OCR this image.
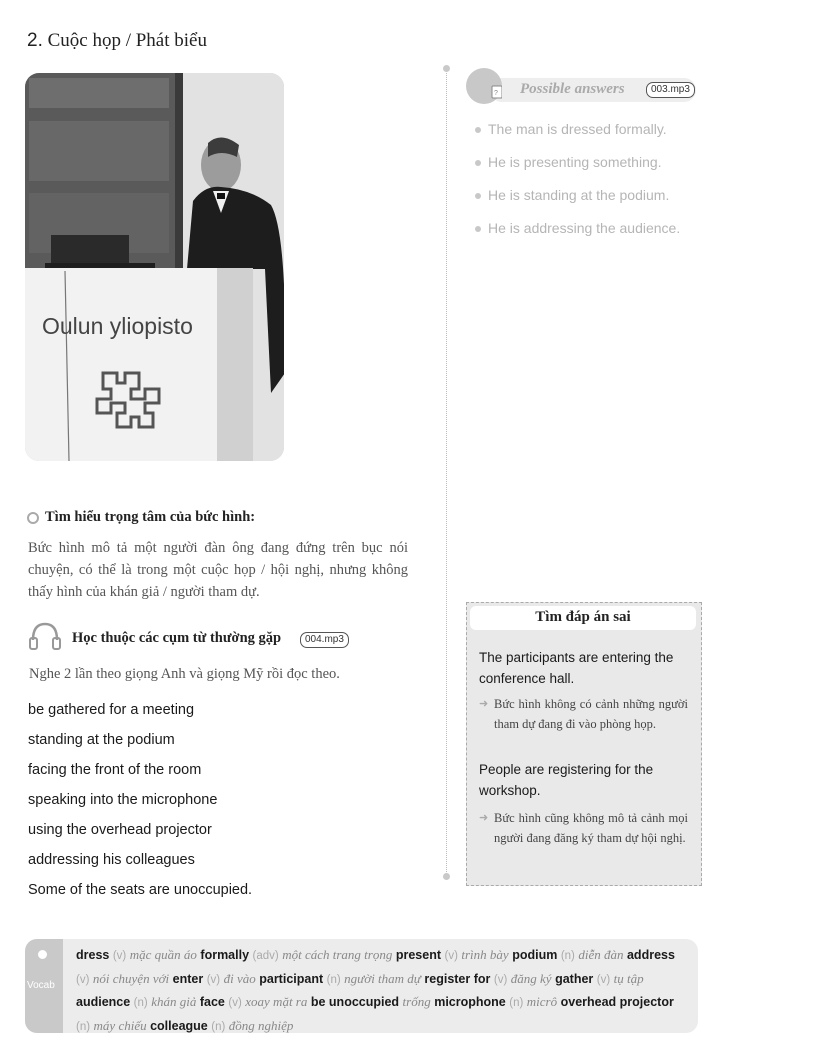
2. Cuộc họp / Phát biểu
Oulun yliopisto
? Possible answers	003.mp3
The man is dressed formally.
He is presenting something.
He is standing at the podium.
He is addressing the audience.
Tìm hiểu trọng tâm của bức hình:
Bức hình mô tả một người đàn ông đang đứng trên bục nói chuyện, có thể là trong một cuộc họp / hội nghị, nhưng không thấy hình của khán giả / người tham dự.
Học thuộc các cụm từ thường gặp	004.mp3
Nghe 2 lần theo giọng Anh và giọng Mỹ rồi đọc theo.
be gathered for a meeting
standing at the podium
facing the front of the room
speaking into the microphone
using the overhead projector
addressing his colleagues
Some of the seats are unoccupied.
Tìm đáp án sai
The participants are entering the conference hall.
➜ Bức hình không có cảnh những người tham dự đang đi vào phòng họp.
People are registering for the workshop.
➜ Bức hình cũng không mô tả cảnh mọi người đang đăng ký tham dự hội nghị.
Vocab
dress (v) mặc quần áo formally (adv) một cách trang trọng present (v) trình bày podium (n) diễn đàn address (v) nói chuyện với enter (v) đi vào participant (n) người tham dự register for (v) đăng ký gather (v) tụ tập audience (n) khán giả face (v) xoay mặt ra be unoccupied trống microphone (n) micrô overhead projector (n) máy chiếu colleague (n) đồng nghiệp
